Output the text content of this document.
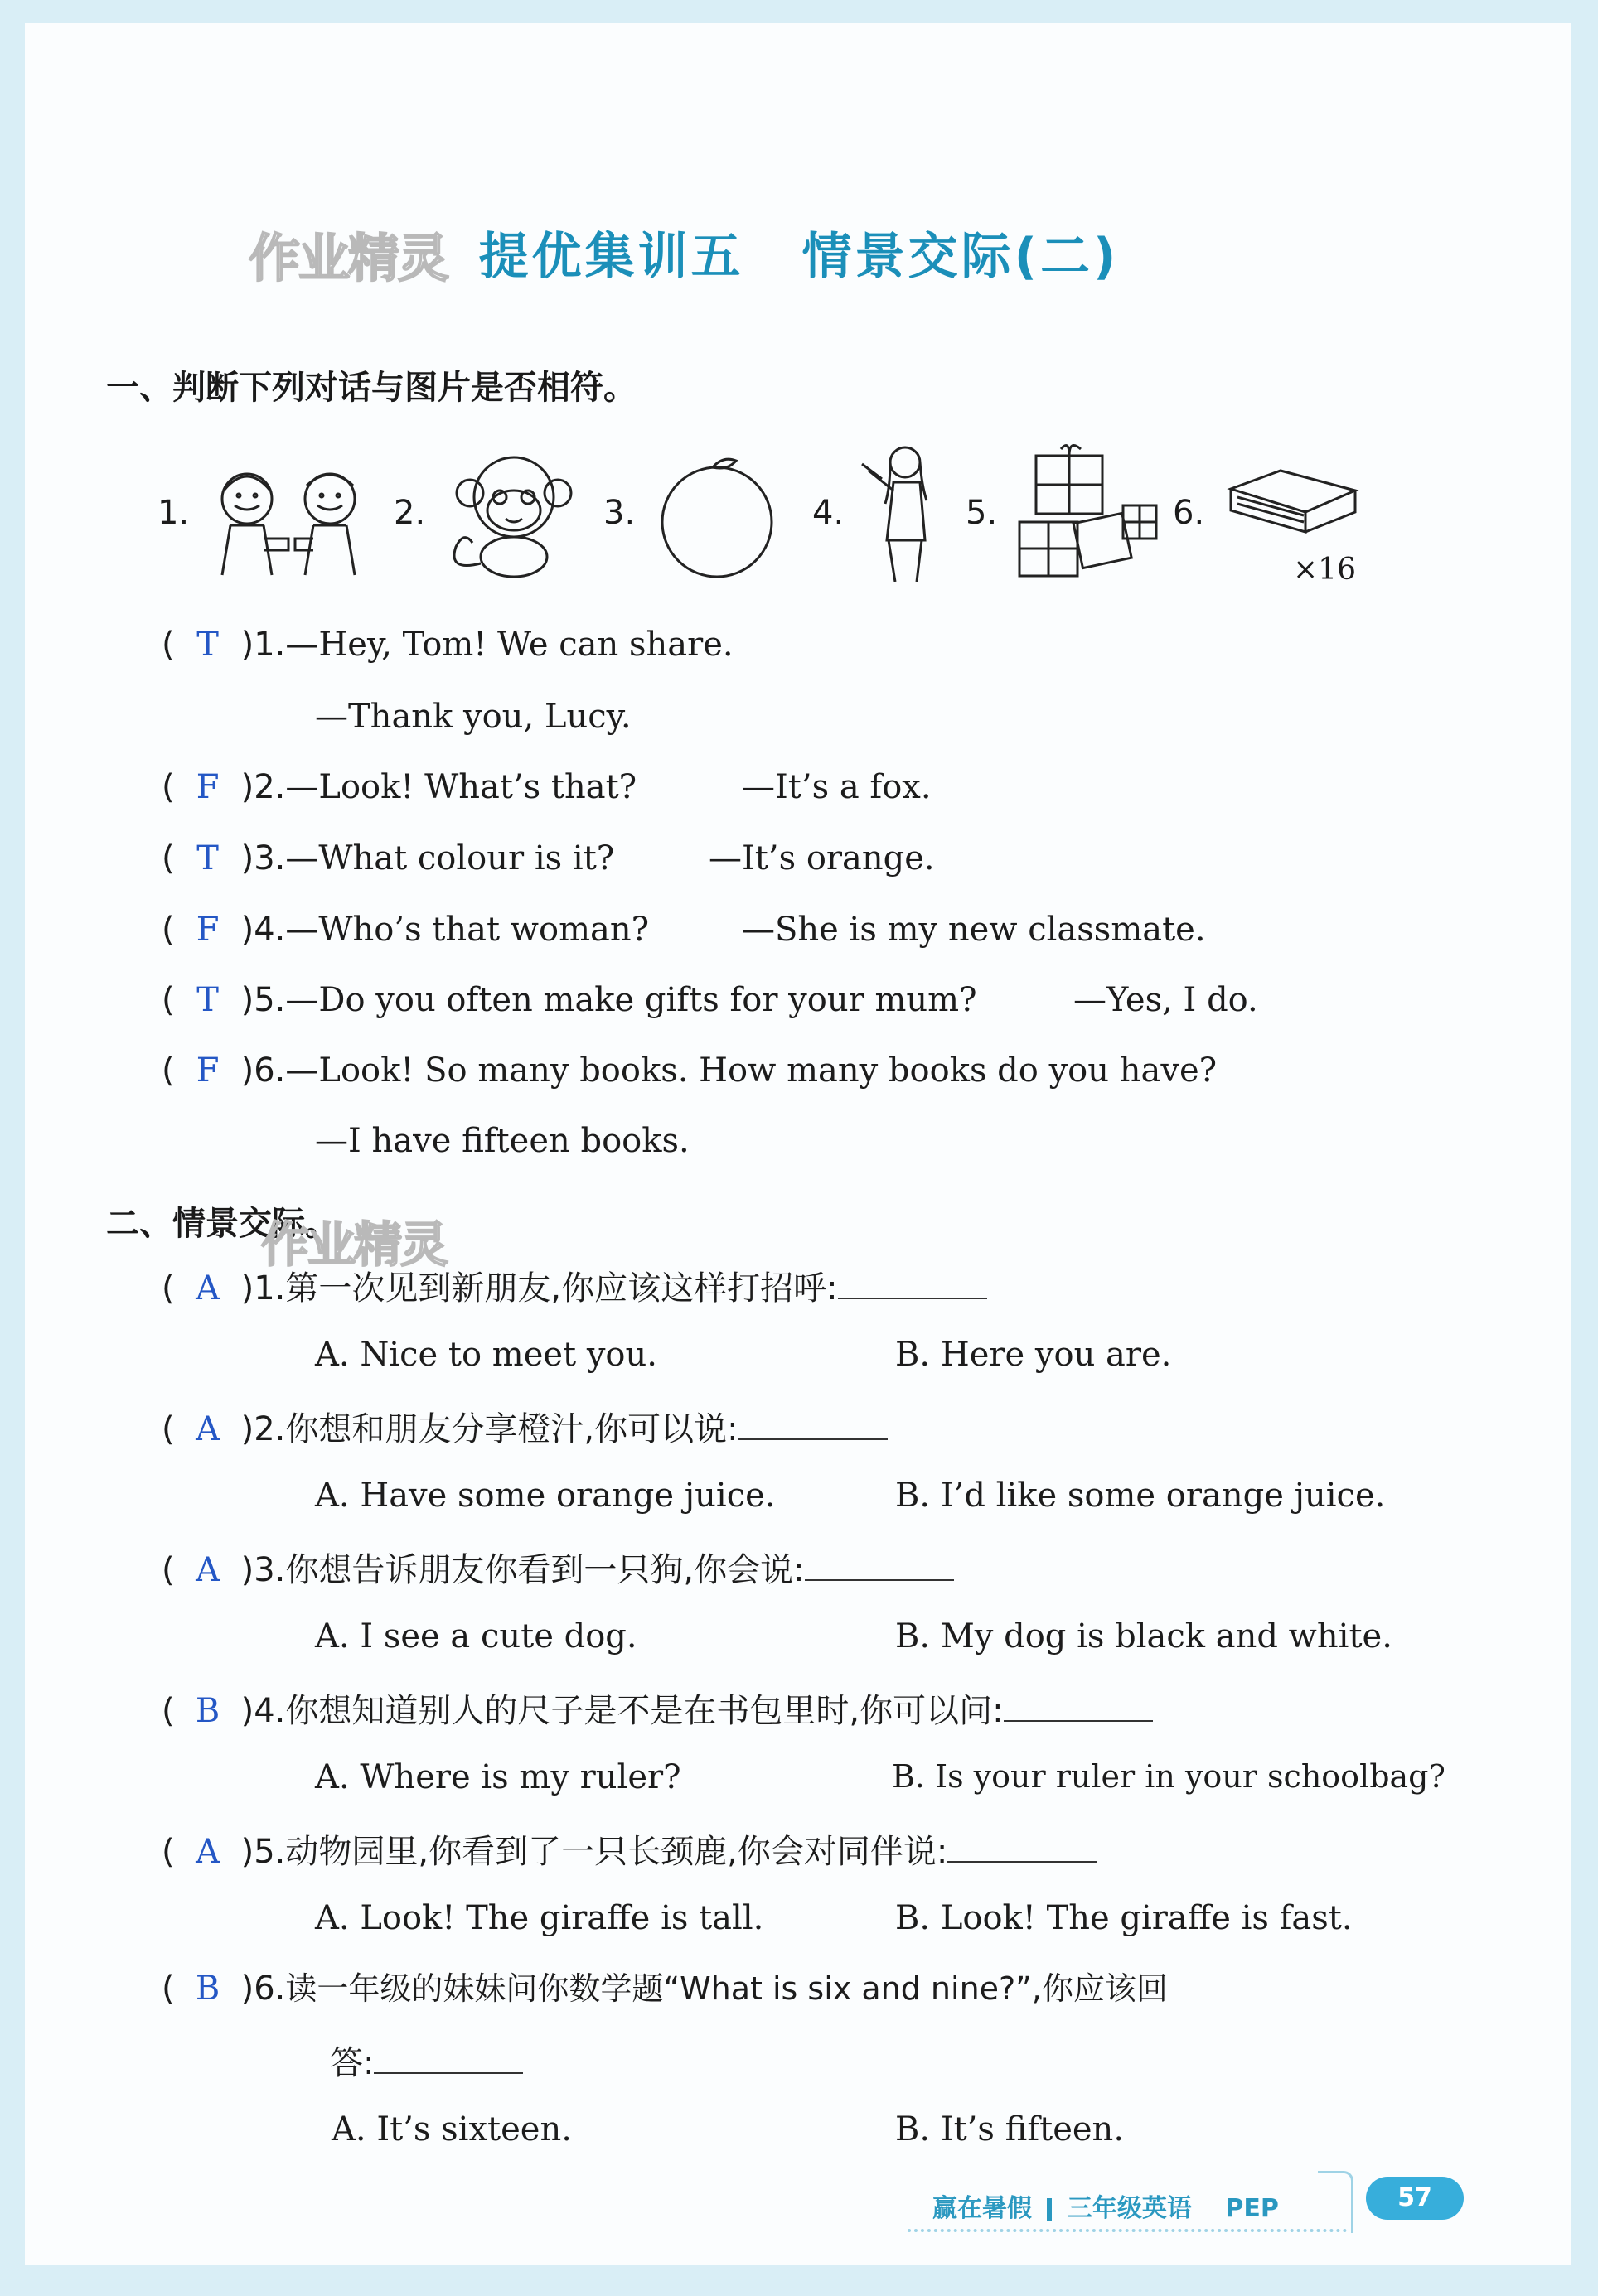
作业精灵 提优集训五 情景交际(二)
一、判断下列对话与图片是否相符。
1.	2.	3.	4.	5.	6.
×16
( T )1.—Hey, Tom! We can share.
—Thank you, Lucy.
( F )2.—Look! What’s that?	—It’s a fox.
( T )3.—What colour is it?	—It’s orange.
( F )4.—Who’s that woman?	—She is my new classmate.
( T )5.—Do you often make gifts for your mum?	—Yes, I do.
( F )6.—Look! So many books. How many books do you have?
—I have fifteen books.
二、情景交际。
作业精灵
( A )1.第一次见到新朋友,你应该这样打招呼:
A. Nice to meet you.	B. Here you are.
( A )2.你想和朋友分享橙汁,你可以说:
A. Have some orange juice.	B. I’d like some orange juice.
( A )3.你想告诉朋友你看到一只狗,你会说:
A. I see a cute dog.	B. My dog is black and white.
( B )4.你想知道别人的尺子是不是在书包里时,你可以问:
A. Where is my ruler?	B. Is your ruler in your schoolbag?
( A )5.动物园里,你看到了一只长颈鹿,你会对同伴说:
A. Look! The giraffe is tall.	B. Look! The giraffe is fast.
( B )6.读一年级的妹妹问你数学题“What is six and nine?”,你应该回
答:
A. It’s sixteen.	B. It’s fifteen.
赢在暑假 三年级英语 PEP	57
